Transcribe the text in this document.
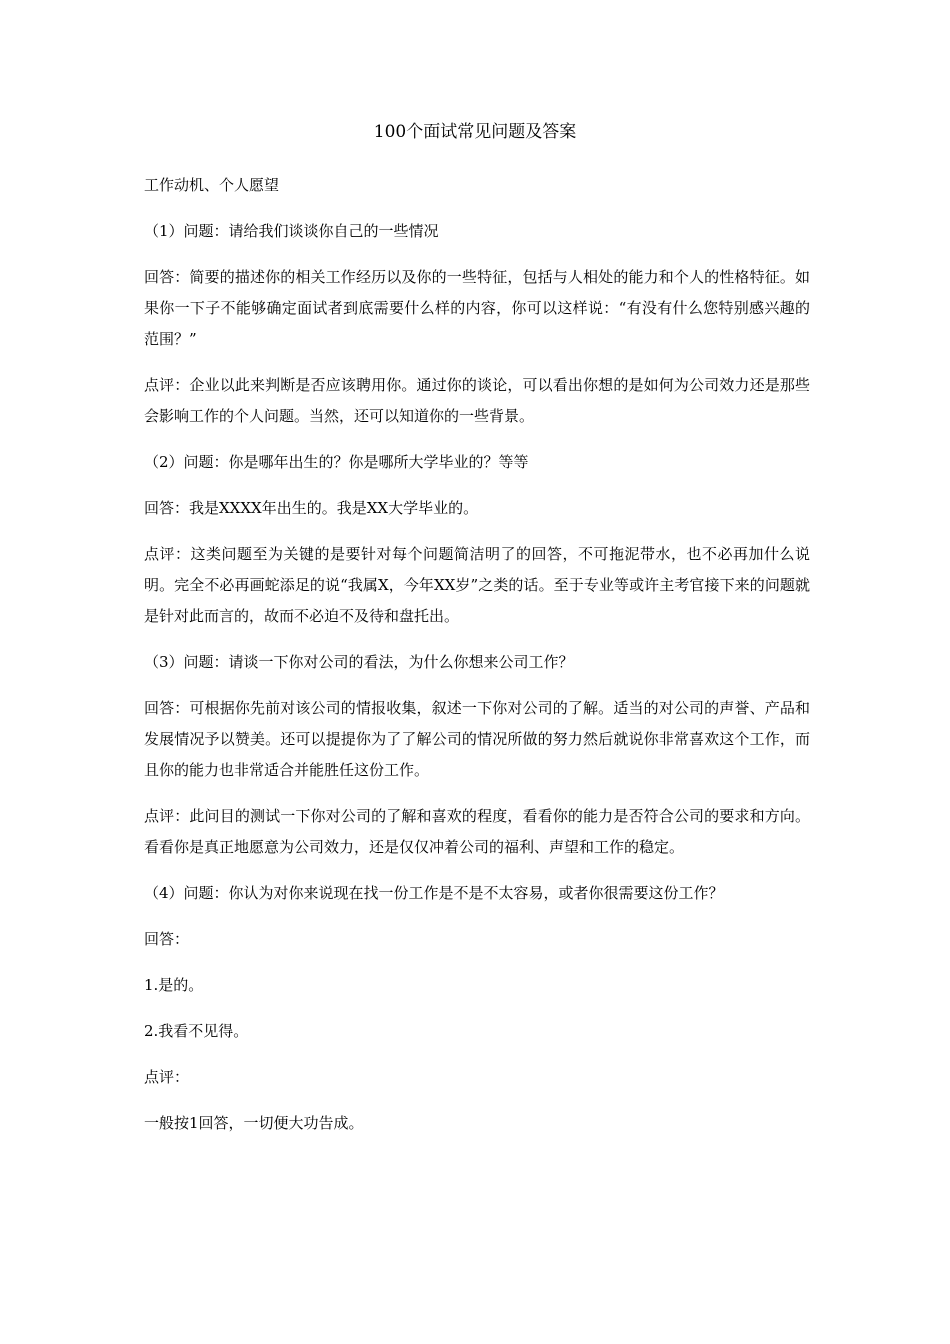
100个面试常见问题及答案

工作动机、个人愿望

（1）问题：请给我们谈谈你自己的一些情况

回答：简要的描述你的相关工作经历以及你的一些特征，包括与人相处的能力和个人的性格特征。如果你一下子不能够确定面试者到底需要什么样的内容，你可以这样说：“有没有什么您特别感兴趣的范围？”

点评：企业以此来判断是否应该聘用你。通过你的谈论，可以看出你想的是如何为公司效力还是那些会影响工作的个人问题。当然，还可以知道你的一些背景。

（2）问题：你是哪年出生的？你是哪所大学毕业的？等等

回答：我是XXXX年出生的。我是XX大学毕业的。

点评：这类问题至为关键的是要针对每个问题简洁明了的回答，不可拖泥带水，也不必再加什么说明。完全不必再画蛇添足的说“我属X，今年XX岁”之类的话。至于专业等或许主考官接下来的问题就是针对此而言的，故而不必迫不及待和盘托出。

（3）问题：请谈一下你对公司的看法，为什么你想来公司工作？

回答：可根据你先前对该公司的情报收集，叙述一下你对公司的了解。适当的对公司的声誉、产品和发展情况予以赞美。还可以提提你为了了解公司的情况所做的努力然后就说你非常喜欢这个工作，而且你的能力也非常适合并能胜任这份工作。

点评：此问目的测试一下你对公司的了解和喜欢的程度，看看你的能力是否符合公司的要求和方向。看看你是真正地愿意为公司效力，还是仅仅冲着公司的福利、声望和工作的稳定。

（4）问题：你认为对你来说现在找一份工作是不是不太容易，或者你很需要这份工作？

回答：

1.是的。

2.我看不见得。

点评：

一般按1回答，一切便大功告成。
